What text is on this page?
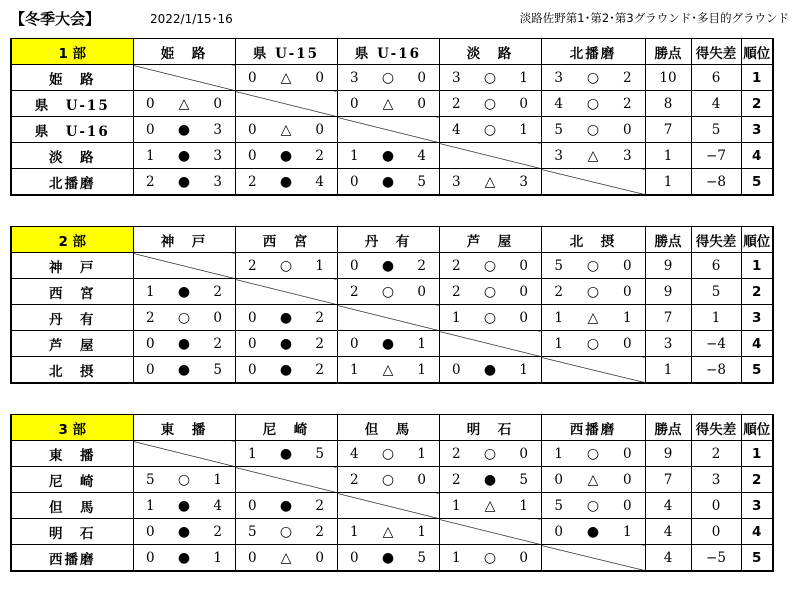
【冬季大会】	2022/1/15･16	淡路佐野第1･第2･第3グラウンド･多目的グラウンド
1 部	姫　路	県 U-15	県 U-16	淡　路	北播磨	勝点	得失差	順位
姫　路		0 △ 0	3 ○ 0	3 ○ 1	3 ○ 2	10	6	1
県　U-15	0 △ 0		0 △ 0	2 ○ 0	4 ○ 2	8	4	2
県　U-16	0 ● 3	0 △ 0		4 ○ 1	5 ○ 0	7	5	3
淡　路	1 ● 3	0 ● 2	1 ● 4		3 △ 3	1	−7	4
北播磨	2 ● 3	2 ● 4	0 ● 5	3 △ 3		1	−8	5
2 部	神　戸	西　宮	丹　有	芦　屋	北　摂	勝点	得失差	順位
神　戸		2 ○ 1	0 ● 2	2 ○ 0	5 ○ 0	9	6	1
西　宮	1 ● 2		2 ○ 0	2 ○ 0	2 ○ 0	9	5	2
丹　有	2 ○ 0	0 ● 2		1 ○ 0	1 △ 1	7	1	3
芦　屋	0 ● 2	0 ● 2	0 ● 1		1 ○ 0	3	−4	4
北　摂	0 ● 5	0 ● 2	1 △ 1	0 ● 1		1	−8	5
3 部	東　播	尼　崎	但　馬	明　石	西播磨	勝点	得失差	順位
東　播		1 ● 5	4 ○ 1	2 ○ 0	1 ○ 0	9	2	1
尼　崎	5 ○ 1		2 ○ 0	2 ● 5	0 △ 0	7	3	2
但　馬	1 ● 4	0 ● 2		1 △ 1	5 ○ 0	4	0	3
明　石	0 ● 2	5 ○ 2	1 △ 1		0 ● 1	4	0	4
西播磨	0 ● 1	0 △ 0	0 ● 5	1 ○ 0		4	−5	5
